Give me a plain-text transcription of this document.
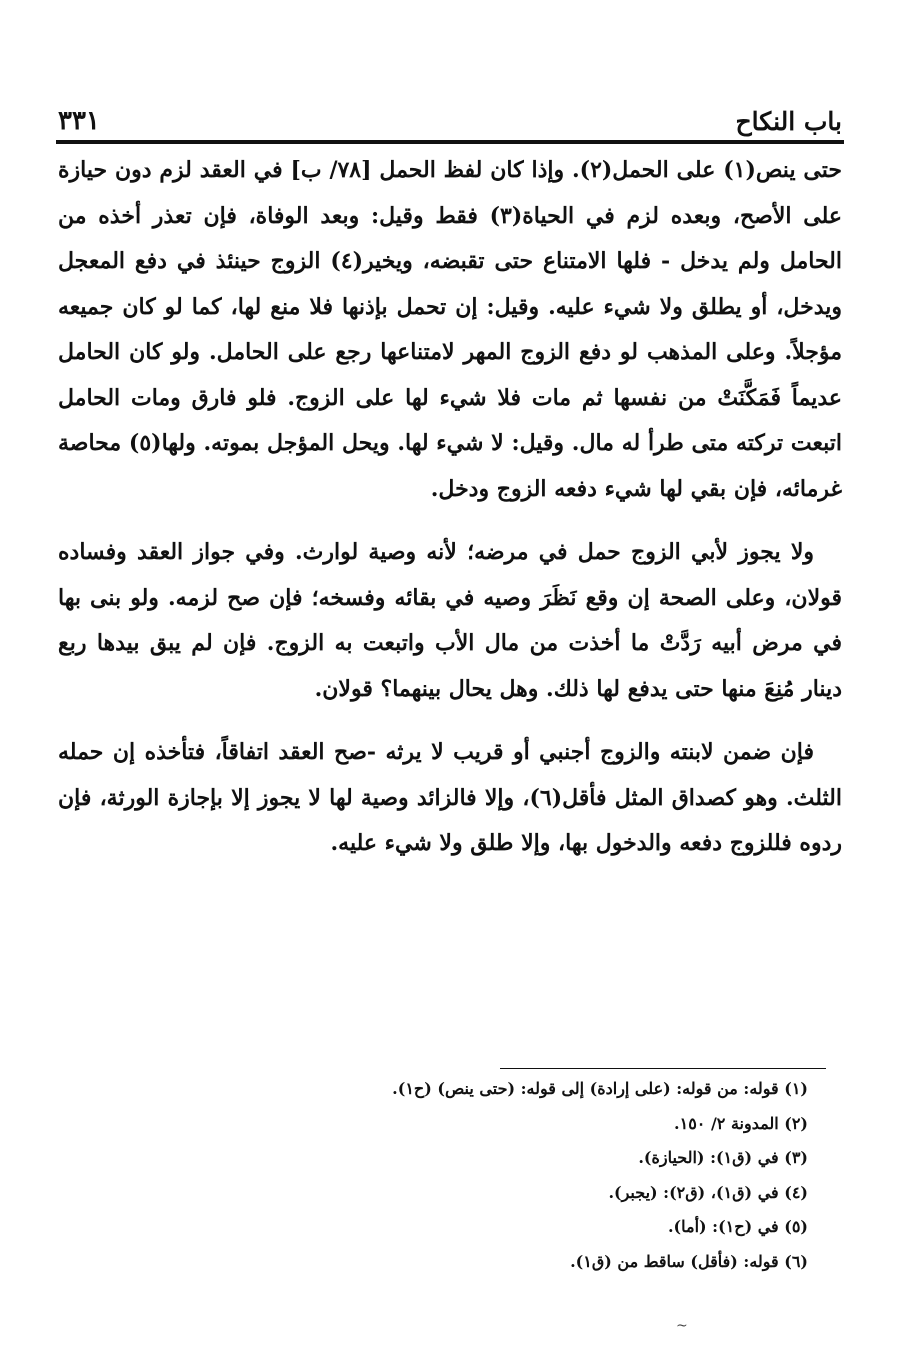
٣٣١	باب النكاح

حتى ينص(١) على الحمل(٢). وإذا كان لفظ الحمل [٧٨/ ب] في العقد لزم دون حيازة على الأصح، وبعده لزم في الحياة(٣) فقط وقيل: وبعد الوفاة، فإن تعذر أخذه من الحامل ولم يدخل - فلها الامتناع حتى تقبضه، ويخير(٤) الزوج حينئذ في دفع المعجل ويدخل، أو يطلق ولا شيء عليه. وقيل: إن تحمل بإذنها فلا منع لها، كما لو كان جميعه مؤجلاً. وعلى المذهب لو دفع الزوج المهر لامتناعها رجع على الحامل. ولو كان الحامل عديماً فَمَكَّنَتْ من نفسها ثم مات فلا شيء لها على الزوج. فلو فارق ومات الحامل اتبعت تركته متى طرأ له مال. وقيل: لا شيء لها. ويحل المؤجل بموته. ولها(٥) محاصة غرمائه، فإن بقي لها شيء دفعه الزوج ودخل.

ولا يجوز لأبي الزوج حمل في مرضه؛ لأنه وصية لوارث. وفي جواز العقد وفساده قولان، وعلى الصحة إن وقع نَظَرَ وصيه في بقائه وفسخه؛ فإن صح لزمه. ولو بنى بها في مرض أبيه رَدَّتْ ما أخذت من مال الأب واتبعت به الزوج. فإن لم يبق بيدها ربع دينار مُنِعَ منها حتى يدفع لها ذلك. وهل يحال بينهما؟ قولان.

فإن ضمن لابنته والزوج أجنبي أو قريب لا يرثه -صح العقد اتفاقاً، فتأخذه إن حمله الثلث. وهو كصداق المثل فأقل(٦)، وإلا فالزائد وصية لها لا يجوز إلا بإجازة الورثة، فإن ردوه فللزوج دفعه والدخول بها، وإلا طلق ولا شيء عليه.

(١) قوله: من قوله: (على إرادة) إلى قوله: (حتى ينص) (ح١).
(٢) المدونة ٢/ ١٥٠.
(٣) في (ق١): (الحيازة).
(٤) في (ق١)، (ق٢): (يجبر).
(٥) في (ح١): (أما).
(٦) قوله: (فأقل) ساقط من (ق١).
~
